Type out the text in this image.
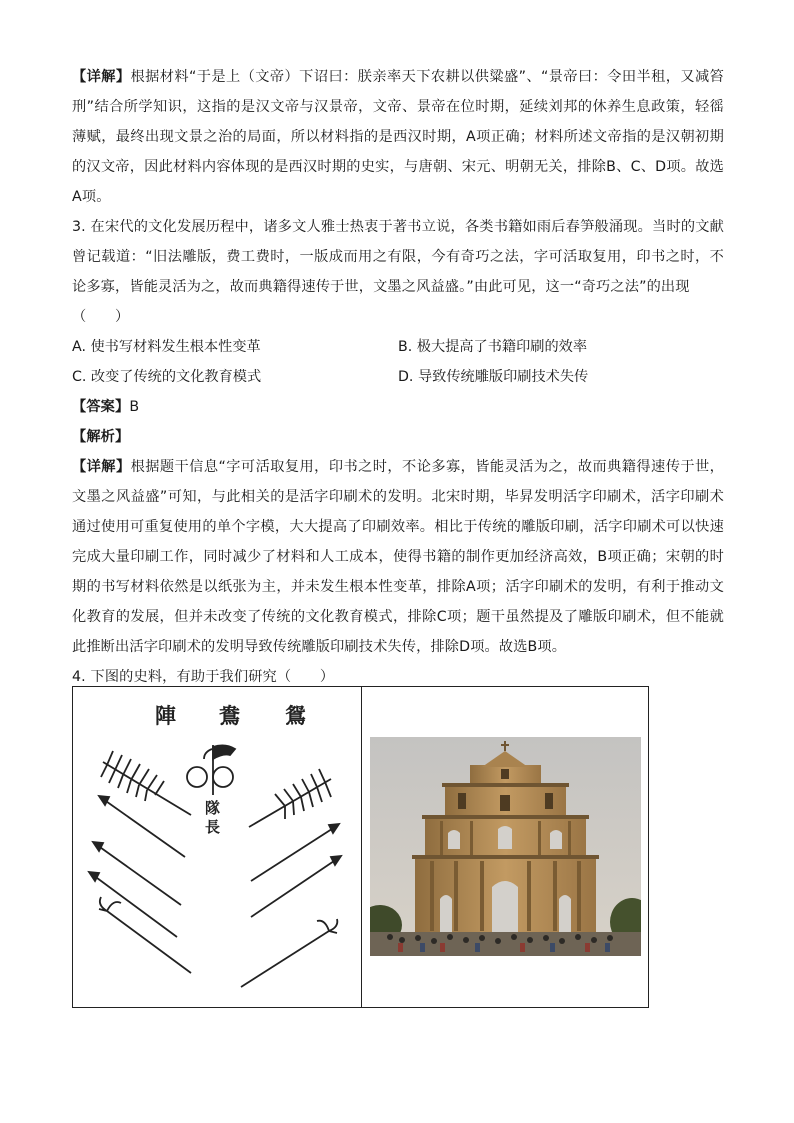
【详解】根据材料“于是上（文帝）下诏曰：朕亲率天下农耕以供粱盛”、“景帝曰：令田半租，又减笞刑”结合所学知识，这指的是汉文帝与汉景帝，文帝、景帝在位时期，延续刘邦的休养生息政策，轻徭薄赋，最终出现文景之治的局面，所以材料指的是西汉时期，A项正确；材料所述文帝指的是汉朝初期的汉文帝，因此材料内容体现的是西汉时期的史实，与唐朝、宋元、明朝无关，排除B、C、D项。故选A项。

3. 在宋代的文化发展历程中，诸多文人雅士热衷于著书立说，各类书籍如雨后春笋般涌现。当时的文献曾记载道：“旧法雕版，费工费时，一版成而用之有限，今有奇巧之法，字可活取复用，印书之时，不论多寡，皆能灵活为之，故而典籍得速传于世，文墨之风益盛。”由此可见，这一“奇巧之法”的出现

（　　）

A. 使书写材料发生根本性变革	B. 极大提高了书籍印刷的效率
C. 改变了传统的文化教育模式	D. 导致传统雕版印刷技术失传

【答案】B

【解析】

【详解】根据题干信息“字可活取复用，印书之时，不论多寡，皆能灵活为之，故而典籍得速传于世，文墨之风益盛”可知，与此相关的是活字印刷术的发明。北宋时期，毕昇发明活字印刷术，活字印刷术通过使用可重复使用的单个字模，大大提高了印刷效率。相比于传统的雕版印刷，活字印刷术可以快速完成大量印刷工作，同时减少了材料和人工成本，使得书籍的制作更加经济高效，B项正确；宋朝的时期的书写材料依然是以纸张为主，并未发生根本性变革，排除A项；活字印刷术的发明，有利于推动文化教育的发展，但并未改变了传统的文化教育模式，排除C项；题干虽然提及了雕版印刷术，但不能就此推断出活字印刷术的发明导致传统雕版印刷技术失传，排除D项。故选B项。

4. 下图的史料，有助于我们研究（　　）

陣 鴦 鴛
隊
長
